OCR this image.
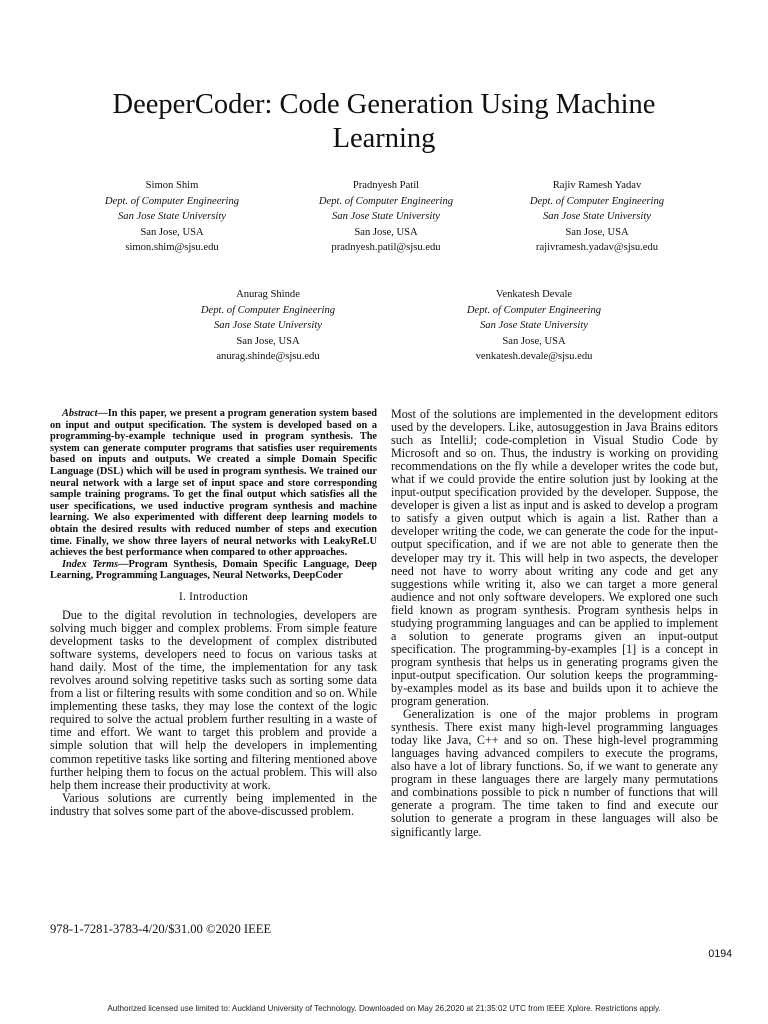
DeeperCoder: Code Generation Using Machine Learning
Simon Shim
Dept. of Computer Engineering
San Jose State University
San Jose, USA
simon.shim@sjsu.edu
Pradnyesh Patil
Dept. of Computer Engineering
San Jose State University
San Jose, USA
pradnyesh.patil@sjsu.edu
Rajiv Ramesh Yadav
Dept. of Computer Engineering
San Jose State University
San Jose, USA
rajivramesh.yadav@sjsu.edu
Anurag Shinde
Dept. of Computer Engineering
San Jose State University
San Jose, USA
anurag.shinde@sjsu.edu
Venkatesh Devale
Dept. of Computer Engineering
San Jose State University
San Jose, USA
venkatesh.devale@sjsu.edu

Abstract—In this paper, we present a program generation system based on input and output specification. The system is developed based on a programming-by-example technique used in program synthesis. The system can generate computer programs that satisfies user requirements based on inputs and outputs. We created a simple Domain Specific Language (DSL) which will be used in program synthesis. We trained our neural network with a large set of input space and store corresponding sample training programs. To get the final output which satisfies all the user specifications, we used inductive program synthesis and machine learning. We also experimented with different deep learning models to obtain the desired results with reduced number of steps and execution time. Finally, we show three layers of neural networks with LeakyReLU achieves the best performance when compared to other approaches.

Index Terms—Program Synthesis, Domain Specific Language, Deep Learning, Programming Languages, Neural Networks, DeepCoder

I. Introduction

Due to the digital revolution in technologies, developers are solving much bigger and complex problems. From simple feature development tasks to the development of complex distributed software systems, developers need to focus on various tasks at hand daily. Most of the time, the implementation for any task revolves around solving repetitive tasks such as sorting some data from a list or filtering results with some condition and so on. While implementing these tasks, they may lose the context of the logic required to solve the actual problem further resulting in a waste of time and effort. We want to target this problem and provide a simple solution that will help the developers in implementing common repetitive tasks like sorting and filtering mentioned above further helping them to focus on the actual problem. This will also help them increase their productivity at work.

Various solutions are currently being implemented in the industry that solves some part of the above-discussed problem.

Most of the solutions are implemented in the development editors used by the developers. Like, autosuggestion in Java Brains editors such as IntelliJ; code-completion in Visual Studio Code by Microsoft and so on. Thus, the industry is working on providing recommendations on the fly while a developer writes the code but, what if we could provide the entire solution just by looking at the input-output specification provided by the developer. Suppose, the developer is given a list as input and is asked to develop a program to satisfy a given output which is again a list. Rather than a developer writing the code, we can generate the code for the input-output specification, and if we are not able to generate then the developer may try it. This will help in two aspects, the developer need not have to worry about writing any code and get any suggestions while writing it, also we can target a more general audience and not only software developers. We explored one such field known as program synthesis. Program synthesis helps in studying programming languages and can be applied to implement a solution to generate programs given an input-output specification. The programming-by-examples [1] is a concept in program synthesis that helps us in generating programs given the input-output specification. Our solution keeps the programming-by-examples model as its base and builds upon it to achieve the program generation.

Generalization is one of the major problems in program synthesis. There exist many high-level programming languages today like Java, C++ and so on. These high-level programming languages having advanced compilers to execute the programs, also have a lot of library functions. So, if we want to generate any program in these languages there are largely many permutations and combinations possible to pick n number of functions that will generate a program. The time taken to find and execute our solution to generate a program in these languages will also be significantly large.

978-1-7281-3783-4/20/$31.00 ©2020 IEEE
0194
Authorized licensed use limited to: Auckland University of Technology. Downloaded on May 26,2020 at 21:35:02 UTC from IEEE Xplore. Restrictions apply.
